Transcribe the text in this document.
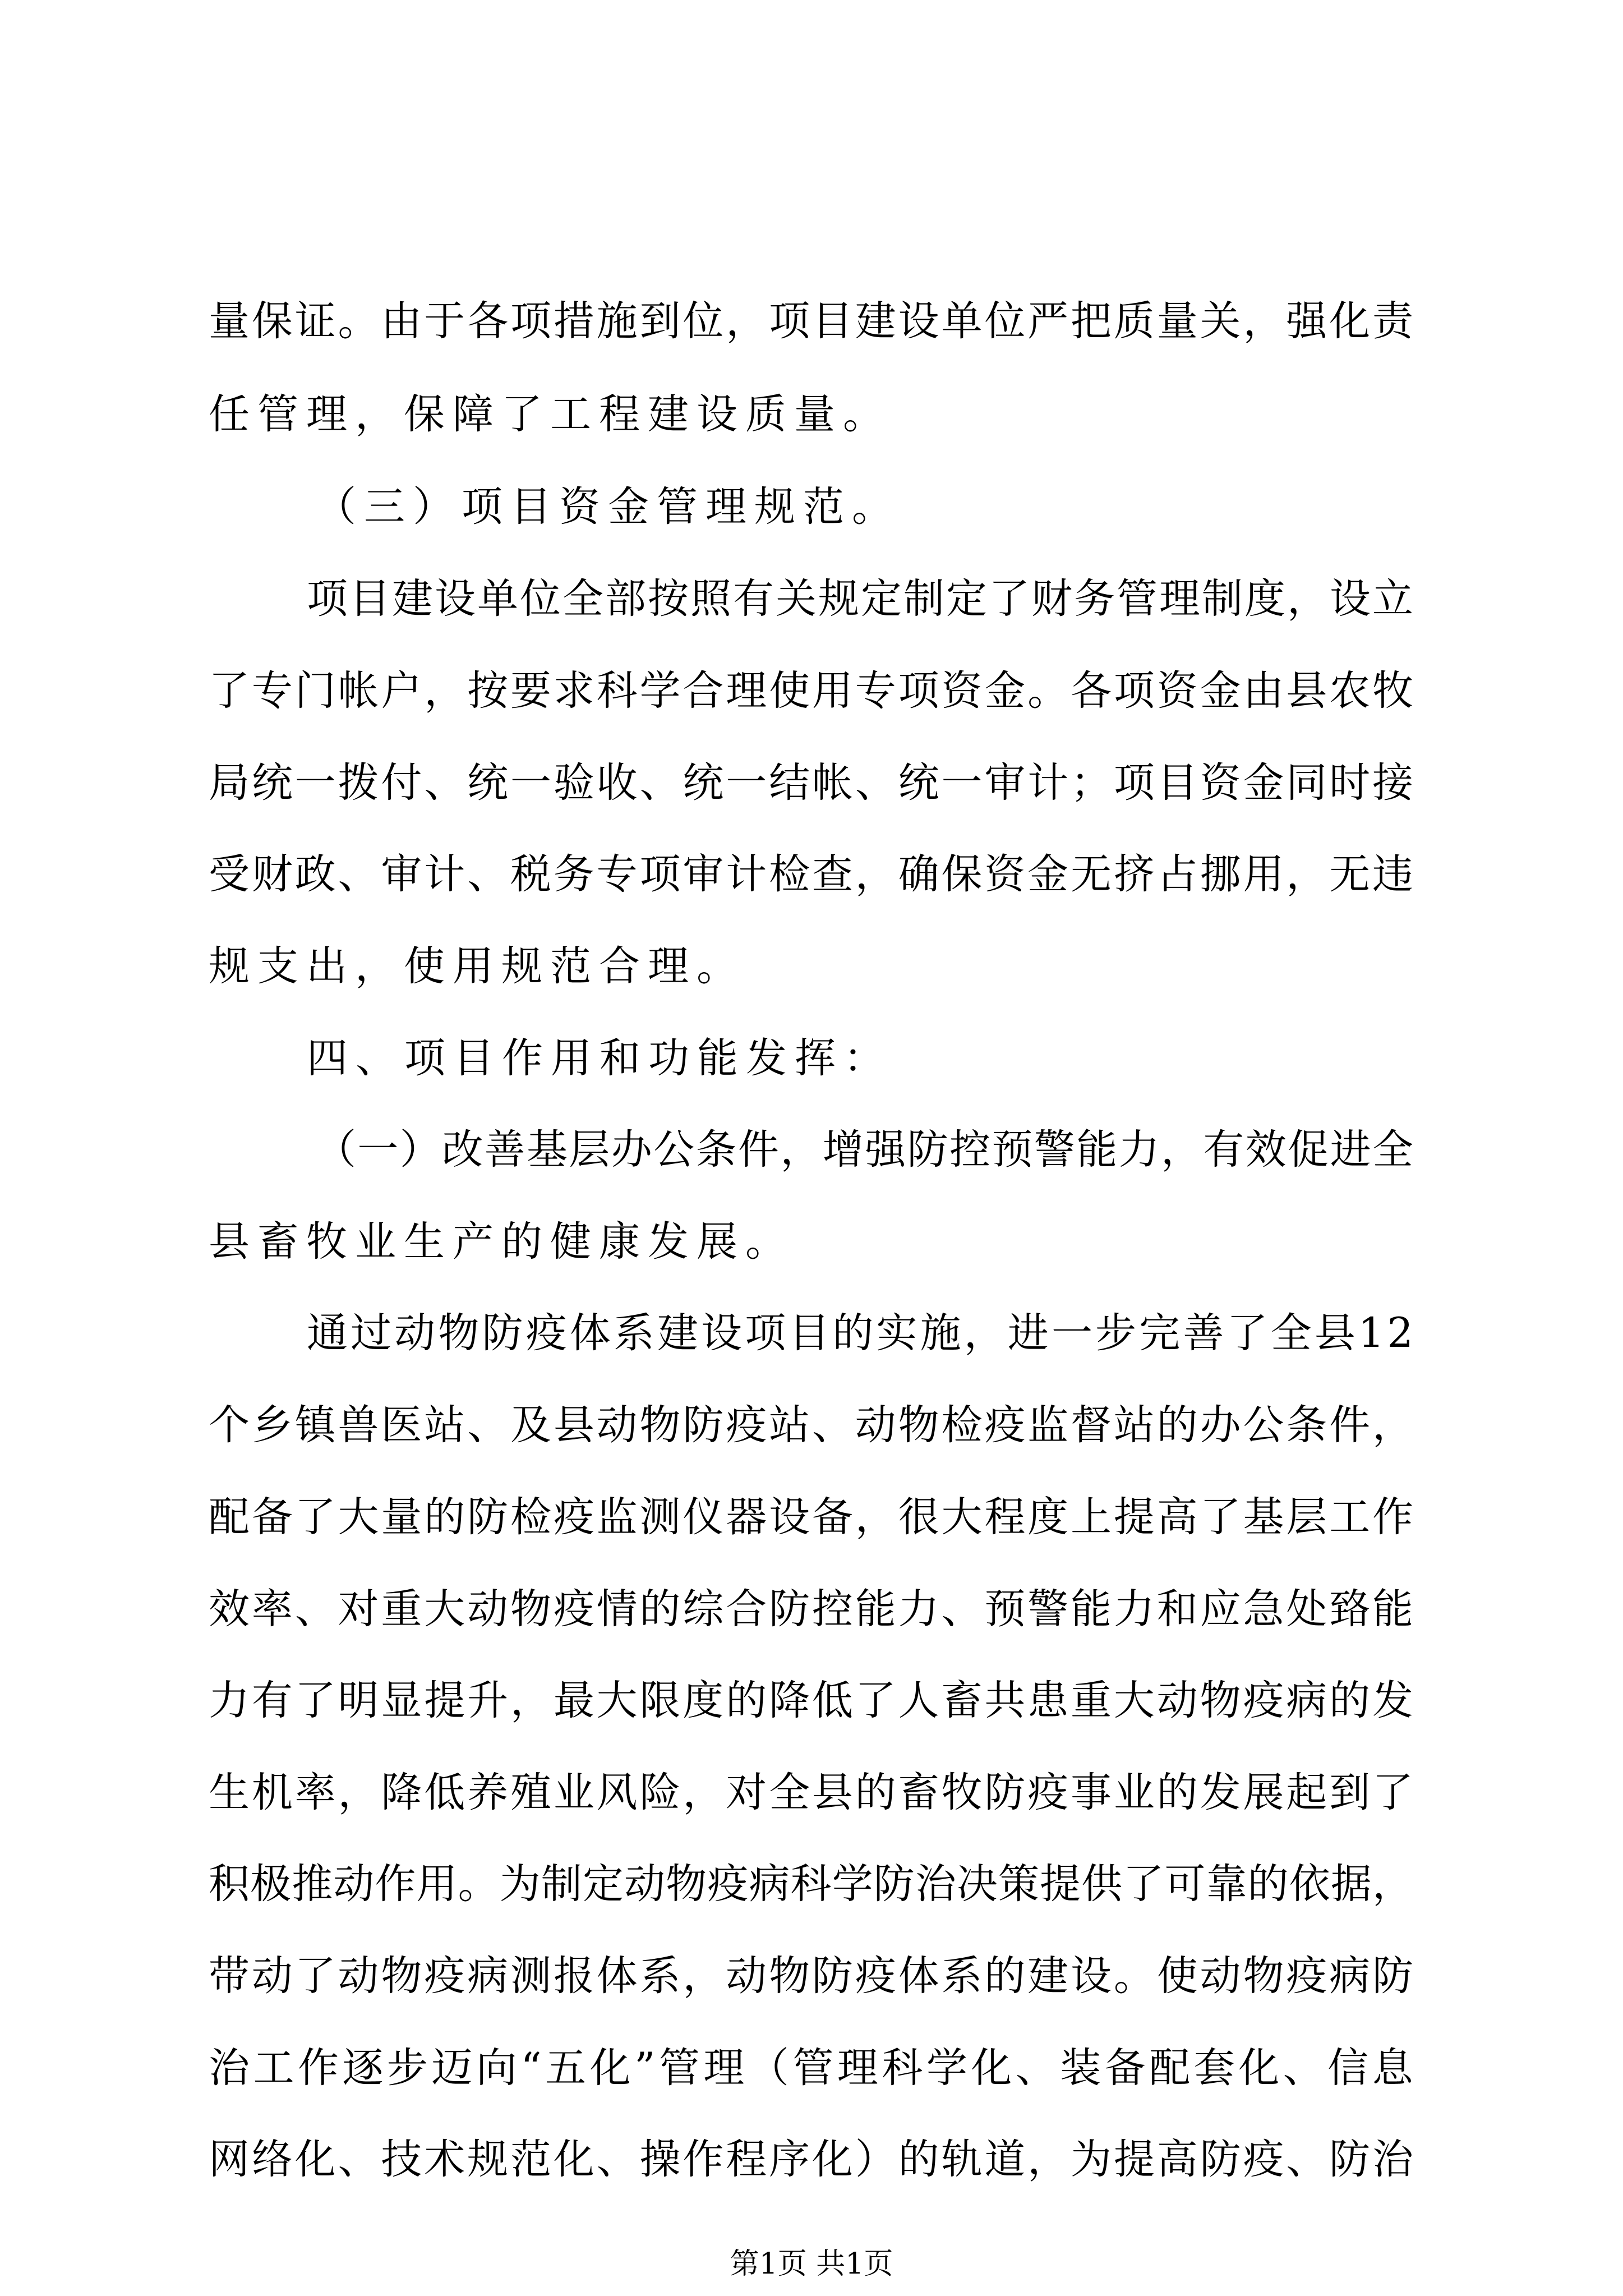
量保证。由于各项措施到位，项目建设单位严把质量关，强化责
任管理，保障了工程建设质量。
（三）项目资金管理规范。
项目建设单位全部按照有关规定制定了财务管理制度，设立
了专门帐户，按要求科学合理使用专项资金。各项资金由县农牧
局统一拨付、统一验收、统一结帐、统一审计；项目资金同时接
受财政、审计、税务专项审计检查，确保资金无挤占挪用，无违
规支出，使用规范合理。
四、项目作用和功能发挥：
（一）改善基层办公条件，增强防控预警能力，有效促进全
县畜牧业生产的健康发展。
通过动物防疫体系建设项目的实施，进一步完善了全县12
个乡镇兽医站、及县动物防疫站、动物检疫监督站的办公条件，
配备了大量的防检疫监测仪器设备，很大程度上提高了基层工作
效率、对重大动物疫情的综合防控能力、预警能力和应急处臵能
力有了明显提升，最大限度的降低了人畜共患重大动物疫病的发
生机率，降低养殖业风险，对全县的畜牧防疫事业的发展起到了
积极推动作用。为制定动物疫病科学防治决策提供了可靠的依据，
带动了动物疫病测报体系，动物防疫体系的建设。使动物疫病防
治工作逐步迈向“五化”管理（管理科学化、装备配套化、信息
网络化、技术规范化、操作程序化）的轨道，为提高防疫、防治
第1页 共1页
